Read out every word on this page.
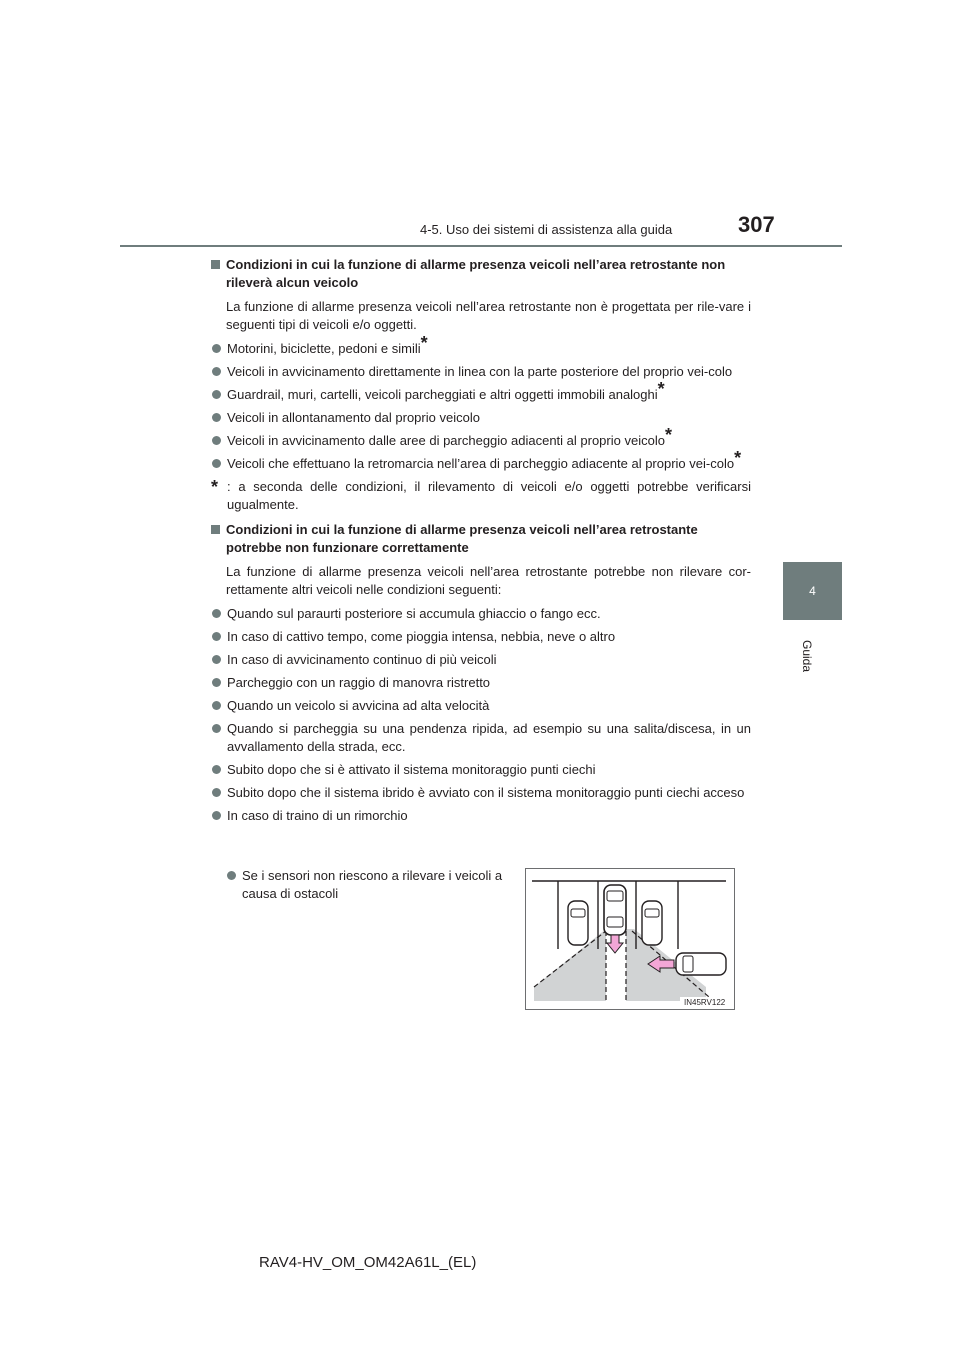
4-5. Uso dei sistemi di assistenza alla guida	307
4
Guida
Condizioni in cui la funzione di allarme presenza veicoli nell’area retrostante non rileverà alcun veicolo
La funzione di allarme presenza veicoli nell’area retrostante non è progettata per rile-vare i seguenti tipi di veicoli e/o oggetti.
Motorini, biciclette, pedoni e simili*
Veicoli in avvicinamento direttamente in linea con la parte posteriore del proprio vei-colo
Guardrail, muri, cartelli, veicoli parcheggiati e altri oggetti immobili analoghi*
Veicoli in allontanamento dal proprio veicolo
Veicoli in avvicinamento dalle aree di parcheggio adiacenti al proprio veicolo*
Veicoli che effettuano la retromarcia nell’area di parcheggio adiacente al proprio vei-colo*
* : a seconda delle condizioni, il rilevamento di veicoli e/o oggetti potrebbe verificarsi ugualmente.
Condizioni in cui la funzione di allarme presenza veicoli nell’area retrostante potrebbe non funzionare correttamente
La funzione di allarme presenza veicoli nell’area retrostante potrebbe non rilevare cor-rettamente altri veicoli nelle condizioni seguenti:
Quando sul paraurti posteriore si accumula ghiaccio o fango ecc.
In caso di cattivo tempo, come pioggia intensa, nebbia, neve o altro
In caso di avvicinamento continuo di più veicoli
Parcheggio con un raggio di manovra ristretto
Quando un veicolo si avvicina ad alta velocità
Quando si parcheggia su una pendenza ripida, ad esempio su una salita/discesa, in un avvallamento della strada, ecc.
Subito dopo che si è attivato il sistema monitoraggio punti ciechi
Subito dopo che il sistema ibrido è avviato con il sistema monitoraggio punti ciechi acceso
In caso di traino di un rimorchio
Se i sensori non riescono a rilevare i veicoli a causa di ostacoli
IN45RV122
RAV4-HV_OM_OM42A61L_(EL)
